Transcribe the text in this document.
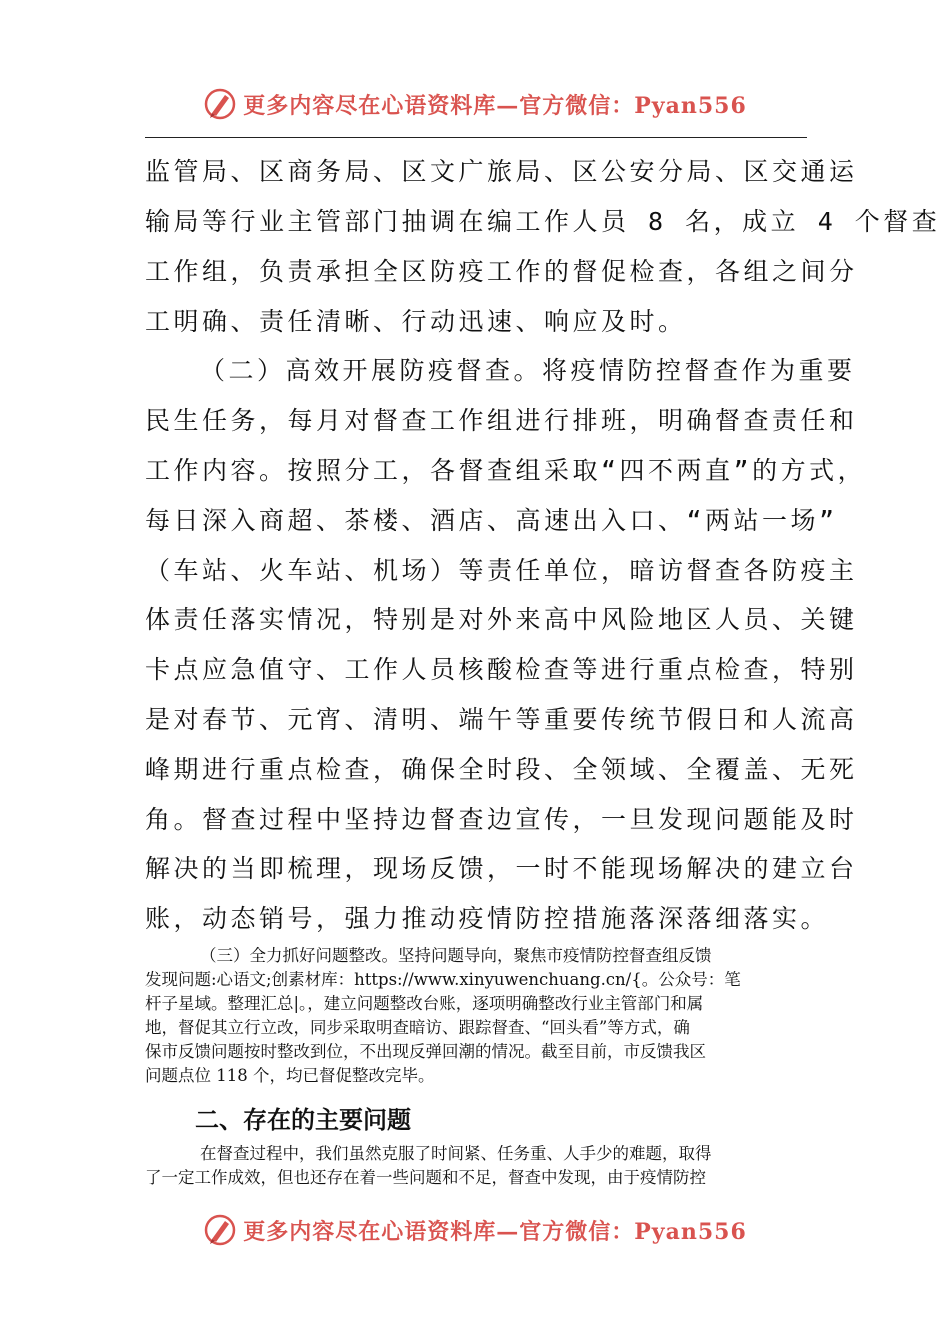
更多内容尽在心语资料库—官方微信：Pyan556
监管局、区商务局、区文广旅局、区公安分局、区交通运
输局等行业主管部门抽调在编工作人员 8 名，成立 4 个督查
工作组，负责承担全区防疫工作的督促检查，各组之间分
工明确、责任清晰、行动迅速、响应及时。
（二）高效开展防疫督查。将疫情防控督查作为重要
民生任务，每月对督查工作组进行排班，明确督查责任和
工作内容。按照分工，各督查组采取“四不两直”的方式，
每日深入商超、茶楼、酒店、高速出入口、“两站一场”
（车站、火车站、机场）等责任单位，暗访督查各防疫主
体责任落实情况，特别是对外来高中风险地区人员、关键
卡点应急值守、工作人员核酸检查等进行重点检查，特别
是对春节、元宵、清明、端午等重要传统节假日和人流高
峰期进行重点检查，确保全时段、全领域、全覆盖、无死
角。督查过程中坚持边督查边宣传，一旦发现问题能及时
解决的当即梳理，现场反馈，一时不能现场解决的建立台
账，动态销号，强力推动疫情防控措施落深落细落实。
（三）全力抓好问题整改。坚持问题导向，聚焦市疫情防控督查组反馈
发现问题:心语文;创素材库：https://www.xinyuwenchuang.cn/{。公众号：笔
杆子星域。整理汇总|。，建立问题整改台账，逐项明确整改行业主管部门和属
地，督促其立行立改，同步采取明查暗访、跟踪督查、“回头看”等方式，确
保市反馈问题按时整改到位，不出现反弹回潮的情况。截至目前，市反馈我区
问题点位 118 个，均已督促整改完毕。
二、存在的主要问题
在督查过程中，我们虽然克服了时间紧、任务重、人手少的难题，取得
了一定工作成效，但也还存在着一些问题和不足，督查中发现，由于疫情防控
更多内容尽在心语资料库—官方微信：Pyan556
